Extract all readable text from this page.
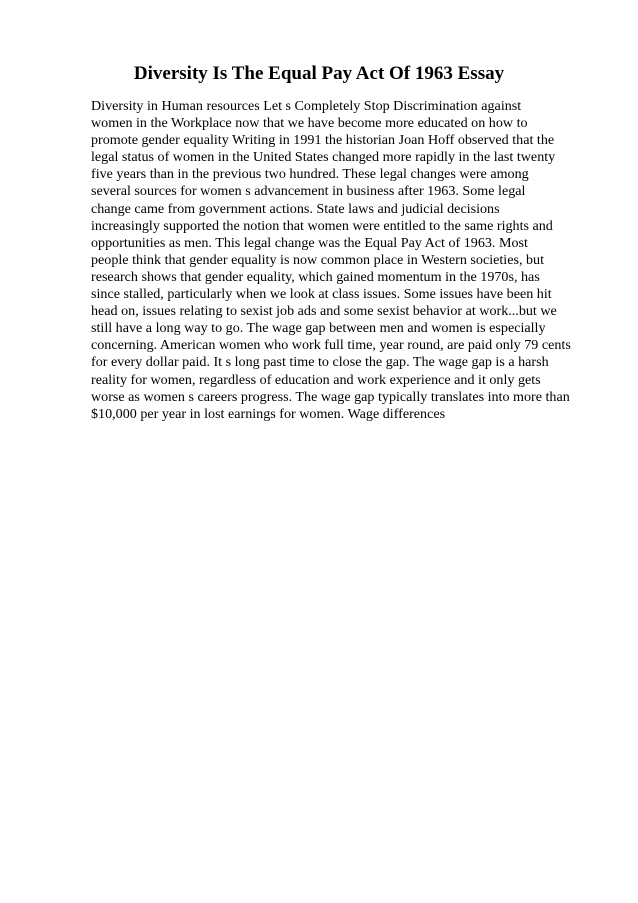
Diversity Is The Equal Pay Act Of 1963 Essay
Diversity in Human resources Let s Completely Stop Discrimination against
women in the Workplace now that we have become more educated on how to
promote gender equality Writing in 1991 the historian Joan Hoff observed that the
legal status of women in the United States changed more rapidly in the last twenty
five years than in the previous two hundred. These legal changes were among
several sources for women s advancement in business after 1963. Some legal
change came from government actions. State laws and judicial decisions
increasingly supported the notion that women were entitled to the same rights and
opportunities as men. This legal change was the Equal Pay Act of 1963. Most
people think that gender equality is now common place in Western societies, but
research shows that gender equality, which gained momentum in the 1970s, has
since stalled, particularly when we look at class issues. Some issues have been hit
head on, issues relating to sexist job ads and some sexist behavior at work...but we
still have a long way to go. The wage gap between men and women is especially
concerning. American women who work full time, year round, are paid only 79 cents
for every dollar paid. It s long past time to close the gap. The wage gap is a harsh
reality for women, regardless of education and work experience and it only gets
worse as women s careers progress. The wage gap typically translates into more than
$10,000 per year in lost earnings for women. Wage differences
